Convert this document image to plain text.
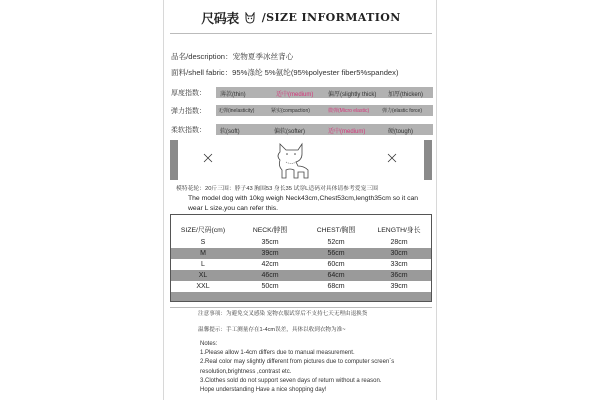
尺码表 /SIZE INFORMATION
品名/description：宠物夏季冰丝背心
面料/shell fabric：95%涤纶 5%氨纶(95%polyester fiber5%spandex)
厚度指数： 薄款(thin)	适中(medium) 偏厚(slightly thick) 加厚(thicken)
弹力指数： 无弹(inelasticity)	紧实(compaction)	微弹(Micro elastic)	弹力(elastic force)
柔软指数： 软(soft)	偏软(softer)	适中(medium)	硬(tough)
模特花轮：20斤三围：脖子43 胸围53 身长35 试穿L适码对具体请参考爱宠三围
The model dog with 10kg weigh Neck43cm,Chest53cm,length35cm so it can wear L size,you can refer this.
SIZE/尺码(cm)	NECK/脖围	CHEST/胸围	LENGTH/身长
S	35cm	52cm	28cm
M	39cm	56cm	30cm
L	42cm	60cm	33cm
XL	46cm	64cm	36cm
XXL	50cm	68cm	39cm
注意事项：为避免交叉感染 宠物衣服试穿后不支持七天无理由退换货
温馨提示：手工测量存在1-4cm误差，具体以收到衣物为准~
Notes:
1.Please allow 1-4cm differs due to manual measurement.
2.Real color may slightly different from pictures due to computer screen`s
resolution,brightness ,contrast etc.
3.Clothes sold do not support seven days of return without a reason.
Hope understanding Have a nice shopping day!
